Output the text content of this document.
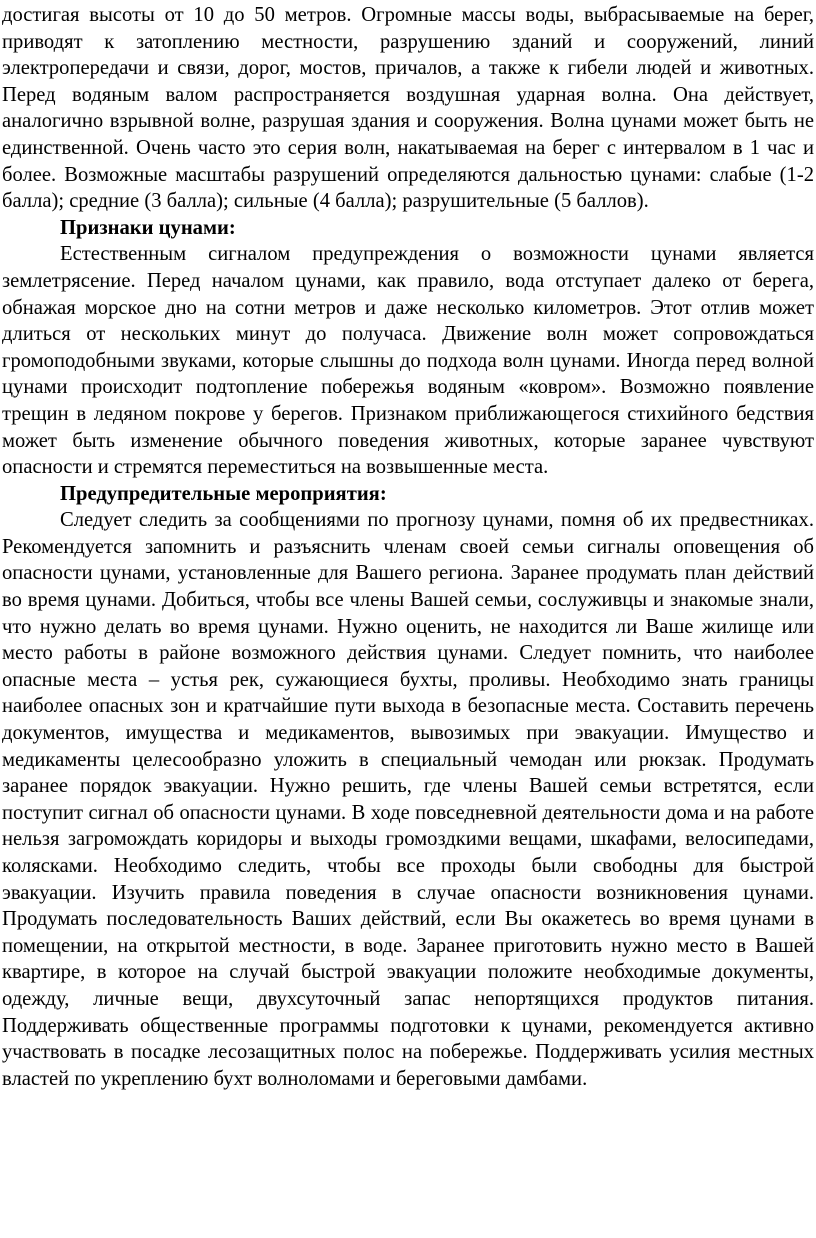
достигая высоты от 10 до 50 метров. Огромные массы воды, выбрасываемые на берег, приводят к затоплению местности, разрушению зданий и сооружений, линий электропередачи и связи, дорог, мостов, причалов, а также к гибели людей и животных. Перед водяным валом распространяется воздушная ударная волна. Она действует, аналогично взрывной волне, разрушая здания и сооружения. Волна цунами может быть не единственной. Очень часто это серия волн, накатываемая на берег с интервалом в 1 час и более. Возможные масштабы разрушений определяются дальностью цунами: слабые (1-2 балла); средние (3 балла); сильные (4 балла); разрушительные (5 баллов).

Признаки цунами:

Естественным сигналом предупреждения о возможности цунами является землетрясение. Перед началом цунами, как правило, вода отступает далеко от берега, обнажая морское дно на сотни метров и даже несколько километров. Этот отлив может длиться от нескольких минут до получаса. Движение волн может сопровождаться громоподобными звуками, которые слышны до подхода волн цунами. Иногда перед волной цунами происходит подтопление побережья водяным «ковром». Возможно появление трещин в ледяном покрове у берегов. Признаком приближающегося стихийного бедствия может быть изменение обычного поведения животных, которые заранее чувствуют опасности и стремятся переместиться на возвышенные места.

Предупредительные мероприятия:

Следует следить за сообщениями по прогнозу цунами, помня об их предвестниках. Рекомендуется запомнить и разъяснить членам своей семьи сигналы оповещения об опасности цунами, установленные для Вашего региона. Заранее продумать план действий во время цунами. Добиться, чтобы все члены Вашей семьи, сослуживцы и знакомые знали, что нужно делать во время цунами. Нужно оценить, не находится ли Ваше жилище или место работы в районе возможного действия цунами. Следует помнить, что наиболее опасные места – устья рек, сужающиеся бухты, проливы. Необходимо знать границы наиболее опасных зон и кратчайшие пути выхода в безопасные места. Составить перечень документов, имущества и медикаментов, вывозимых при эвакуации. Имущество и медикаменты целесообразно уложить в специальный чемодан или рюкзак. Продумать заранее порядок эвакуации. Нужно решить, где члены Вашей семьи встретятся, если поступит сигнал об опасности цунами. В ходе повседневной деятельности дома и на работе нельзя загромождать коридоры и выходы громоздкими вещами, шкафами, велосипедами, колясками. Необходимо следить, чтобы все проходы были свободны для быстрой эвакуации. Изучить правила поведения в случае опасности возникновения цунами. Продумать последовательность Ваших действий, если Вы окажетесь во время цунами в помещении, на открытой местности, в воде. Заранее приготовить нужно место в Вашей квартире, в которое на случай быстрой эвакуации положите необходимые документы, одежду, личные вещи, двухсуточный запас непортящихся продуктов питания. Поддерживать общественные программы подготовки к цунами, рекомендуется активно участвовать в посадке лесозащитных полос на побережье. Поддерживать усилия местных властей по укреплению бухт волноломами и береговыми дамбами.
